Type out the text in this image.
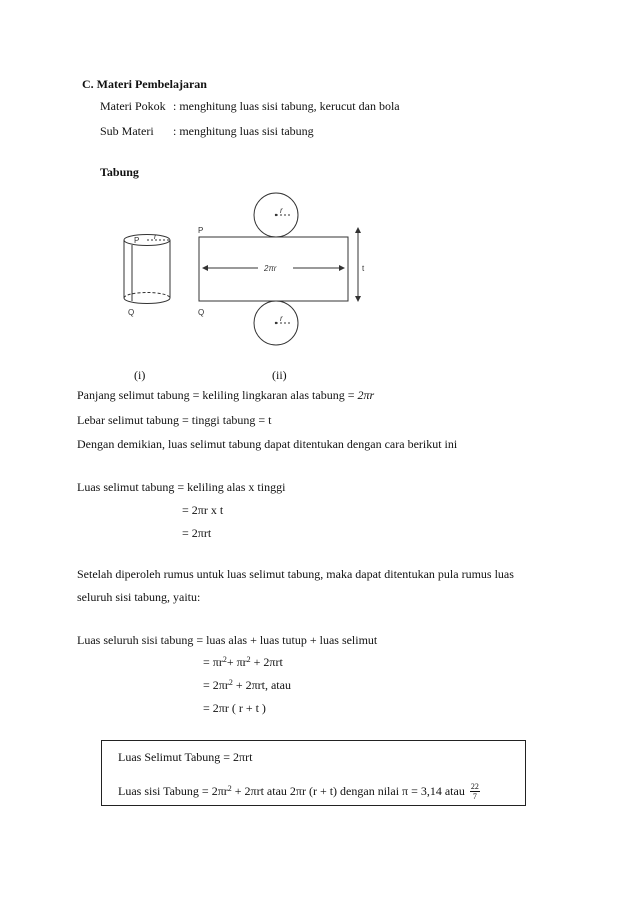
C. Materi Pembelajaran
Materi Pokok : menghitung luas sisi tabung, kerucut dan bola
Sub Materi : menghitung luas sisi tabung
Tabung
P r
P
Q	Q
r
r
2πr	t
(i)	(ii)
Panjang selimut tabung = keliling lingkaran alas tabung = 2πr
Lebar selimut tabung = tinggi tabung = t
Dengan demikian, luas selimut tabung dapat ditentukan dengan cara berikut ini
Luas selimut tabung = keliling alas x tinggi
= 2πr x t
= 2πrt
Setelah diperoleh rumus untuk luas selimut tabung, maka dapat ditentukan pula rumus luas
seluruh sisi tabung, yaitu:
Luas seluruh sisi tabung = luas alas + luas tutup + luas selimut
= $\pi r^2+ \pi r^2 + 2\pi rt$
= $2\pi r^2 + 2\pi rt$, atau
= 2πr ( r + t )
Luas Selimut Tabung = 2πrt
Luas sisi Tabung = $2\pi r^2 + 2\pi rt$ atau 2πr (r + t) dengan nilai π = 3,14 atau $\frac{22}{7}$
